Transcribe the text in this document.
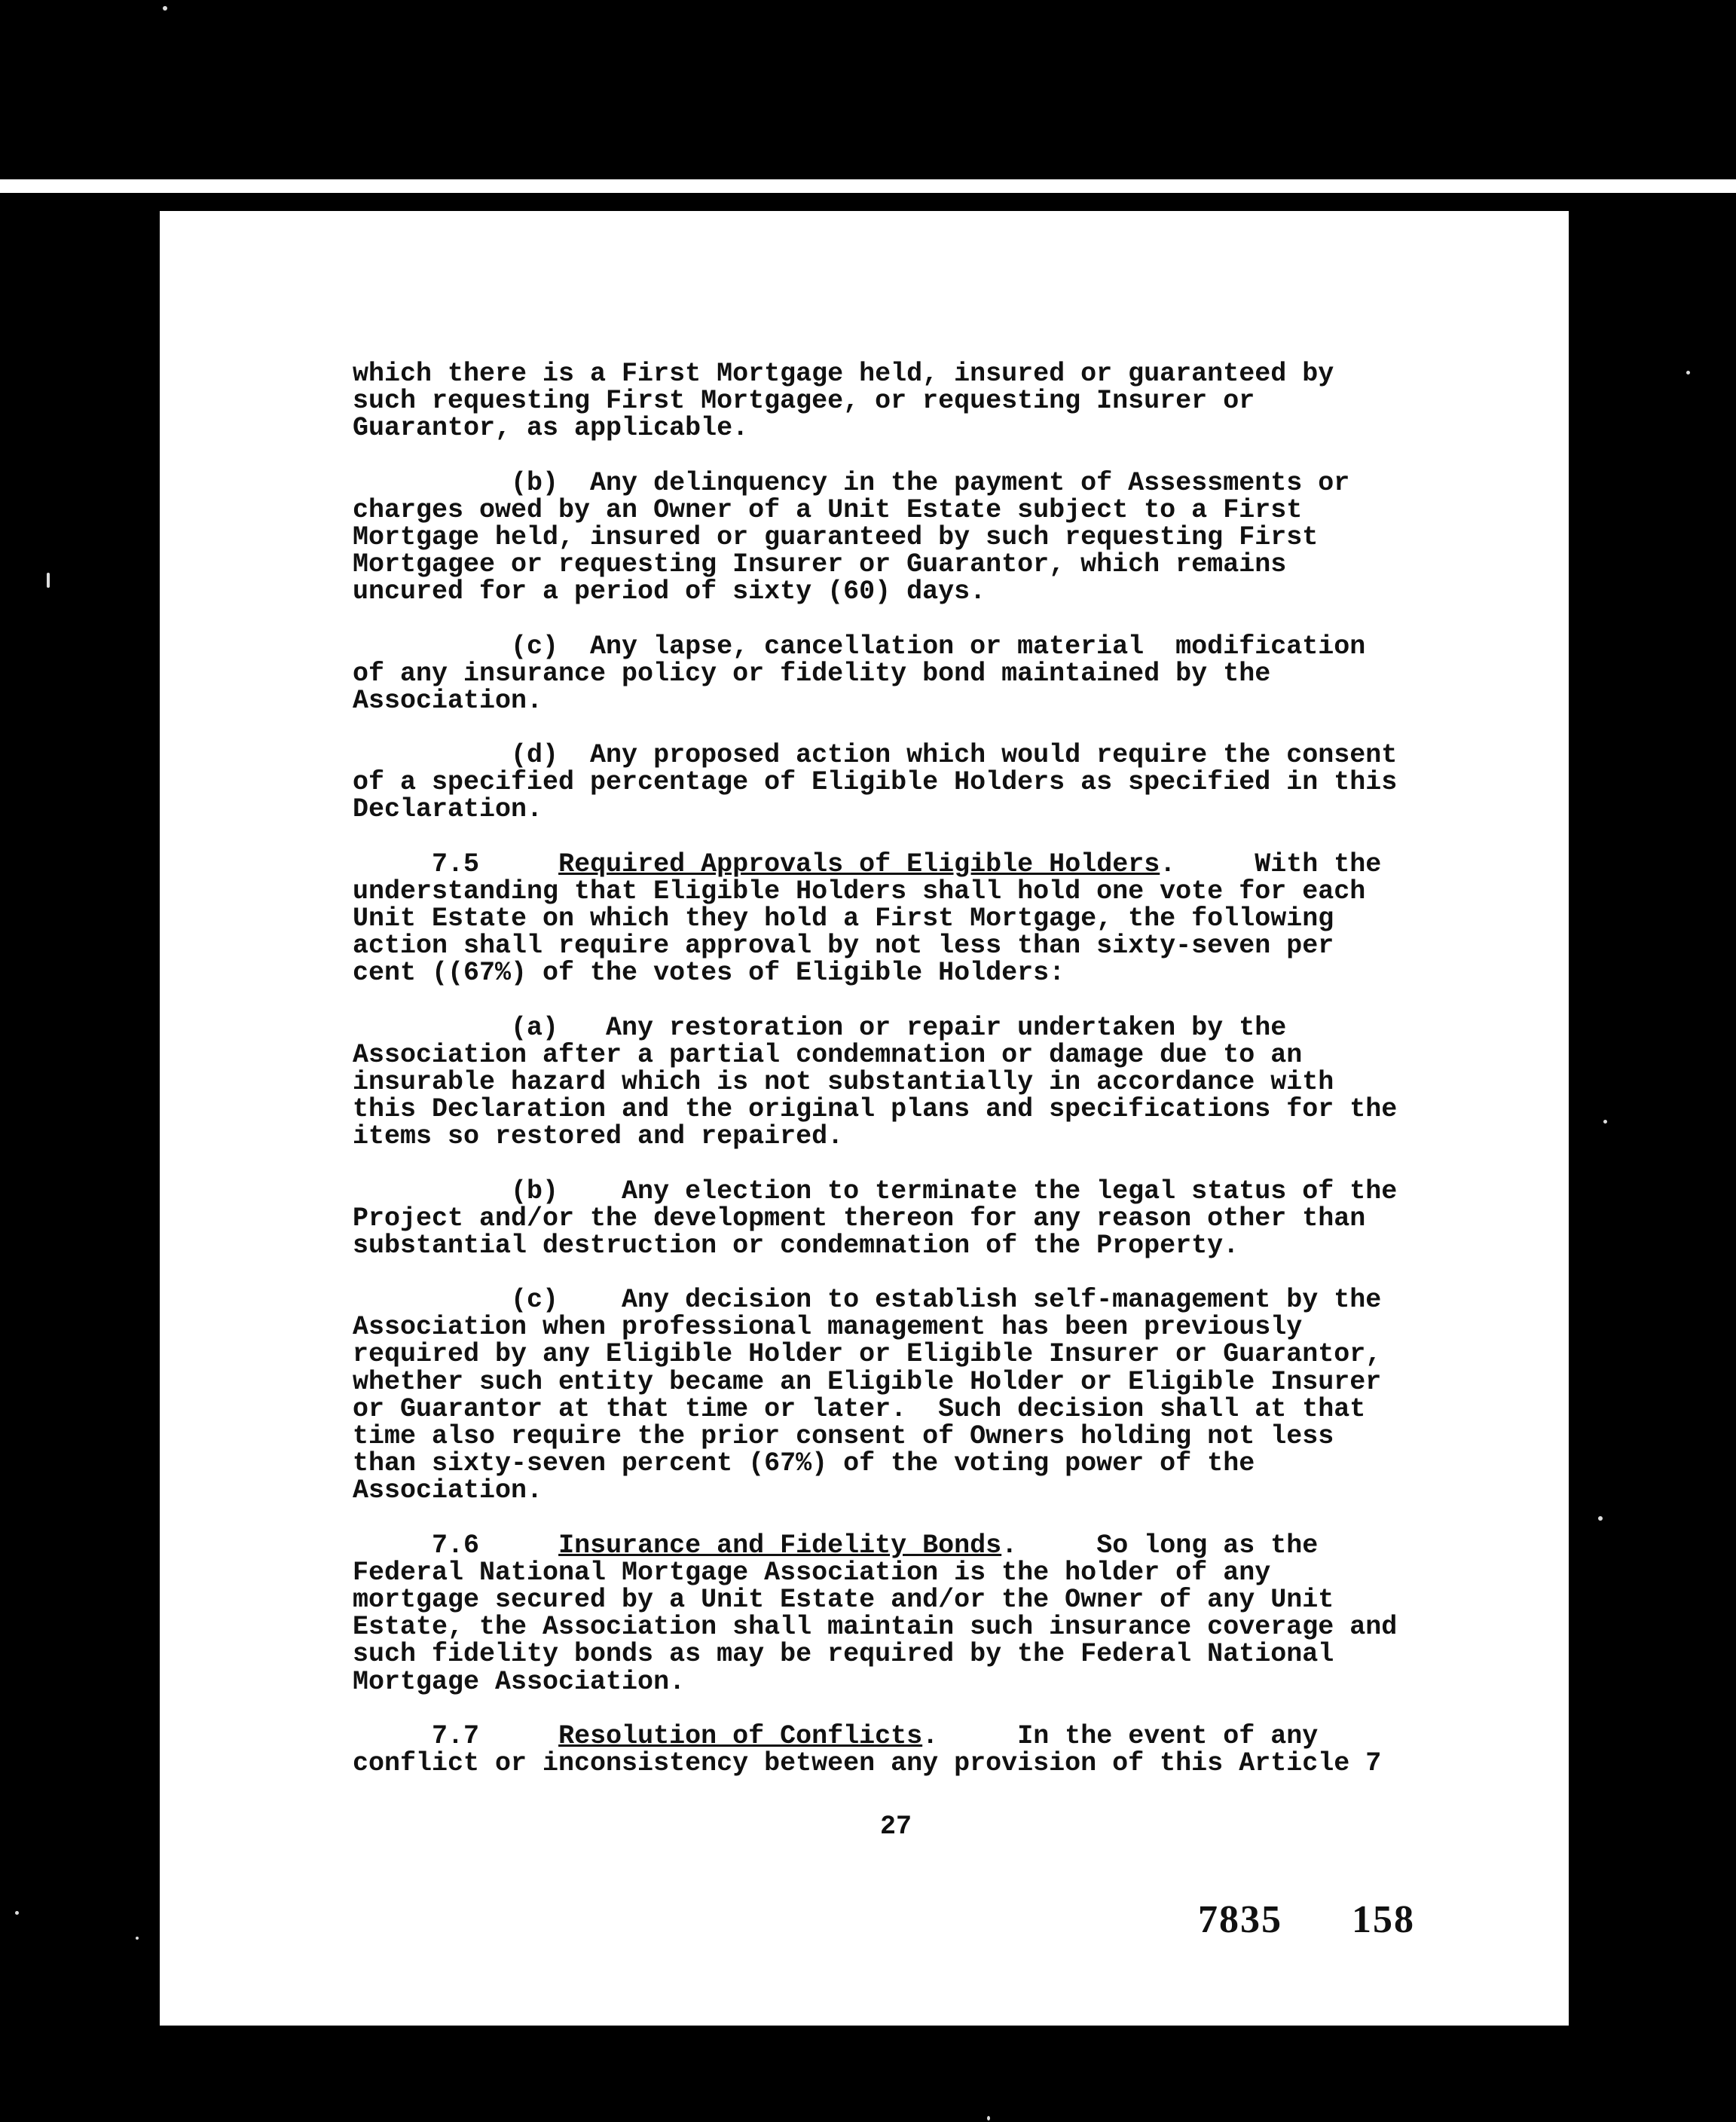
which there is a First Mortgage held, insured or guaranteed by
such requesting First Mortgagee, or requesting Insurer or
Guarantor, as applicable.
(b)  Any delinquency in the payment of Assessments or
charges owed by an Owner of a Unit Estate subject to a First
Mortgage held, insured or guaranteed by such requesting First
Mortgagee or requesting Insurer or Guarantor, which remains
uncured for a period of sixty (60) days.
(c)  Any lapse, cancellation or material  modification
of any insurance policy or fidelity bond maintained by the
Association.
(d)  Any proposed action which would require the consent
of a specified percentage of Eligible Holders as specified in this
Declaration.
7.5	Required Approvals of Eligible Holders.     With the
understanding that Eligible Holders shall hold one vote for each
Unit Estate on which they hold a First Mortgage, the following
action shall require approval by not less than sixty-seven per
cent ((67%) of the votes of Eligible Holders:
(a)   Any restoration or repair undertaken by the
Association after a partial condemnation or damage due to an
insurable hazard which is not substantially in accordance with
this Declaration and the original plans and specifications for the
items so restored and repaired.
(b)    Any election to terminate the legal status of the
Project and/or the development thereon for any reason other than
substantial destruction or condemnation of the Property.
(c)    Any decision to establish self-management by the
Association when professional management has been previously
required by any Eligible Holder or Eligible Insurer or Guarantor,
whether such entity became an Eligible Holder or Eligible Insurer
or Guarantor at that time or later.  Such decision shall at that
time also require the prior consent of Owners holding not less
than sixty-seven percent (67%) of the voting power of the
Association.
7.6	Insurance and Fidelity Bonds.     So long as the
Federal National Mortgage Association is the holder of any
mortgage secured by a Unit Estate and/or the Owner of any Unit
Estate, the Association shall maintain such insurance coverage and
such fidelity bonds as may be required by the Federal National
Mortgage Association.
7.7	Resolution of Conflicts.     In the event of any
conflict or inconsistency between any provision of this Article 7
27
7835 158
